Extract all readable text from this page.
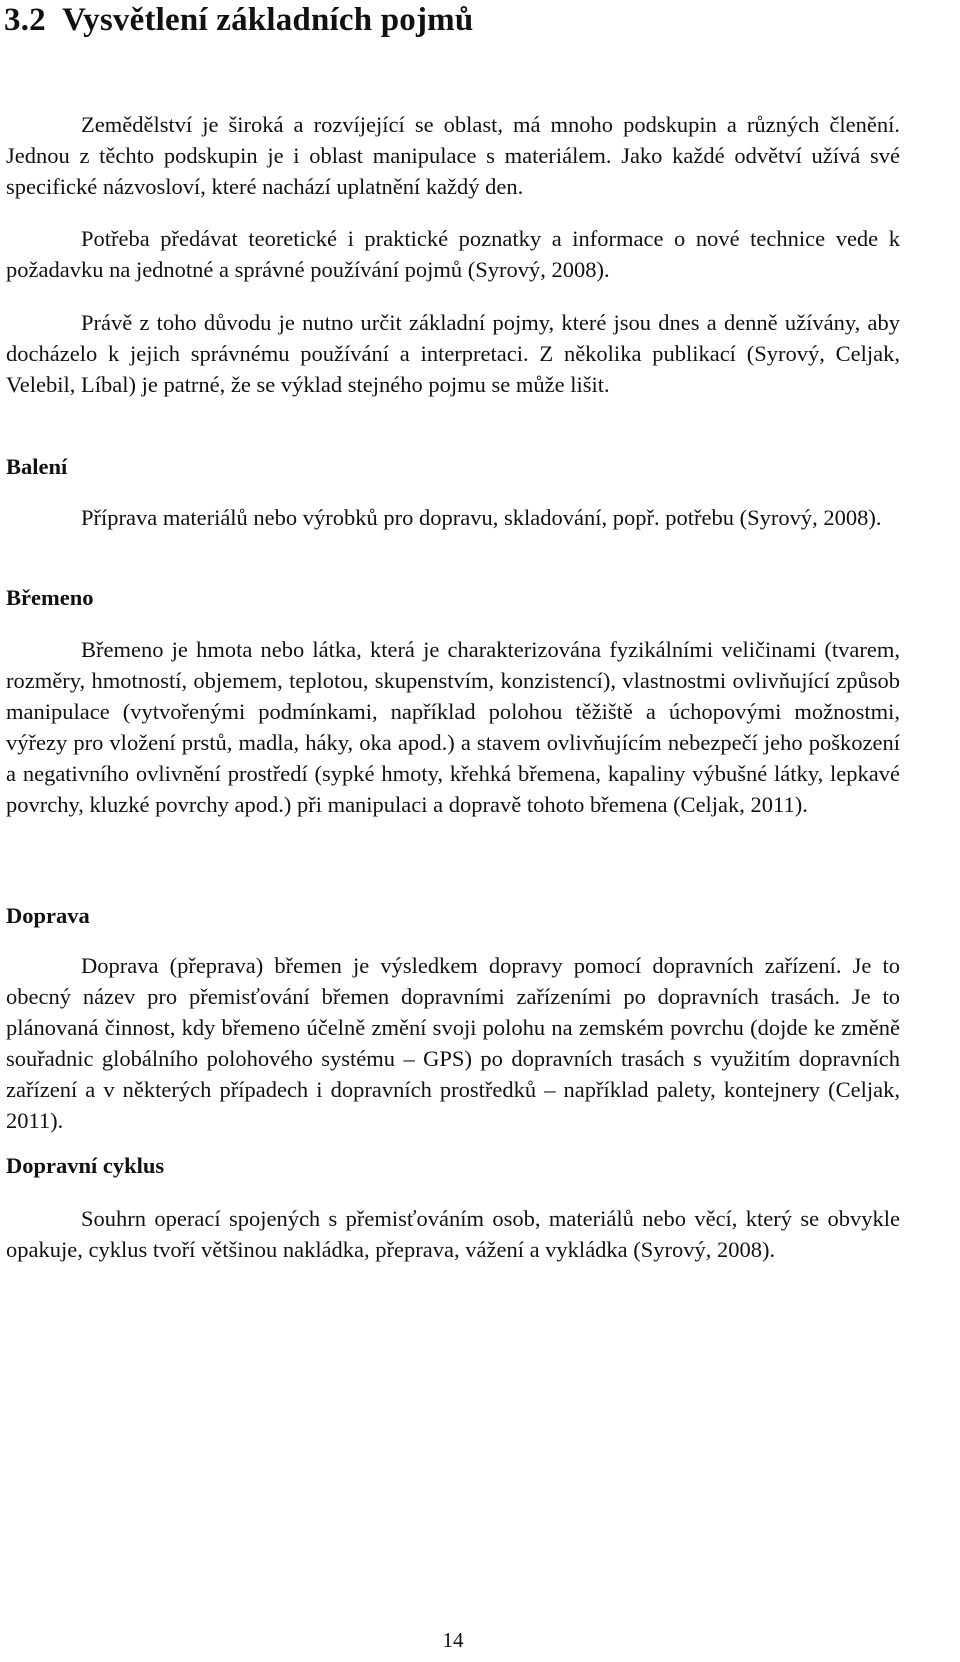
3.2 Vysvětlení základních pojmů

Zemědělství je široká a rozvíjející se oblast, má mnoho podskupin a různých členění. Jednou z těchto podskupin je i oblast manipulace s materiálem. Jako každé odvětví užívá své specifické názvosloví, které nachází uplatnění každý den.

Potřeba předávat teoretické i praktické poznatky a informace o nové technice vede k požadavku na jednotné a správné používání pojmů (Syrový, 2008).

Právě z toho důvodu je nutno určit základní pojmy, které jsou dnes a denně užívány, aby docházelo k jejich správnému používání a interpretaci. Z několika publikací (Syrový, Celjak, Velebil, Líbal) je patrné, že se výklad stejného pojmu se může lišit.

Balení

Příprava materiálů nebo výrobků pro dopravu, skladování, popř. potřebu (Syrový, 2008).

Břemeno

Břemeno je hmota nebo látka, která je charakterizována fyzikálními veličinami (tvarem, rozměry, hmotností, objemem, teplotou, skupenstvím, konzistencí), vlastnostmi ovlivňující způsob manipulace (vytvořenými podmínkami, například polohou těžiště a úchopovými možnostmi, výřezy pro vložení prstů, madla, háky, oka apod.) a stavem ovlivňujícím nebezpečí jeho poškození a negativního ovlivnění prostředí (sypké hmoty, křehká břemena, kapaliny výbušné látky, lepkavé povrchy, kluzké povrchy apod.) při manipulaci a dopravě tohoto břemena (Celjak, 2011).

Doprava

Doprava (přeprava) břemen je výsledkem dopravy pomocí dopravních zařízení. Je to obecný název pro přemisťování břemen dopravními zařízeními po dopravních trasách. Je to plánovaná činnost, kdy břemeno účelně změní svoji polohu na zemském povrchu (dojde ke změně souřadnic globálního polohového systému – GPS) po dopravních trasách s využitím dopravních zařízení a v některých případech i dopravních prostředků – například palety, kontejnery (Celjak, 2011).

Dopravní cyklus

Souhrn operací spojených s přemisťováním osob, materiálů nebo věcí, který se obvykle opakuje, cyklus tvoří většinou nakládka, přeprava, vážení a vykládka (Syrový, 2008).

14
